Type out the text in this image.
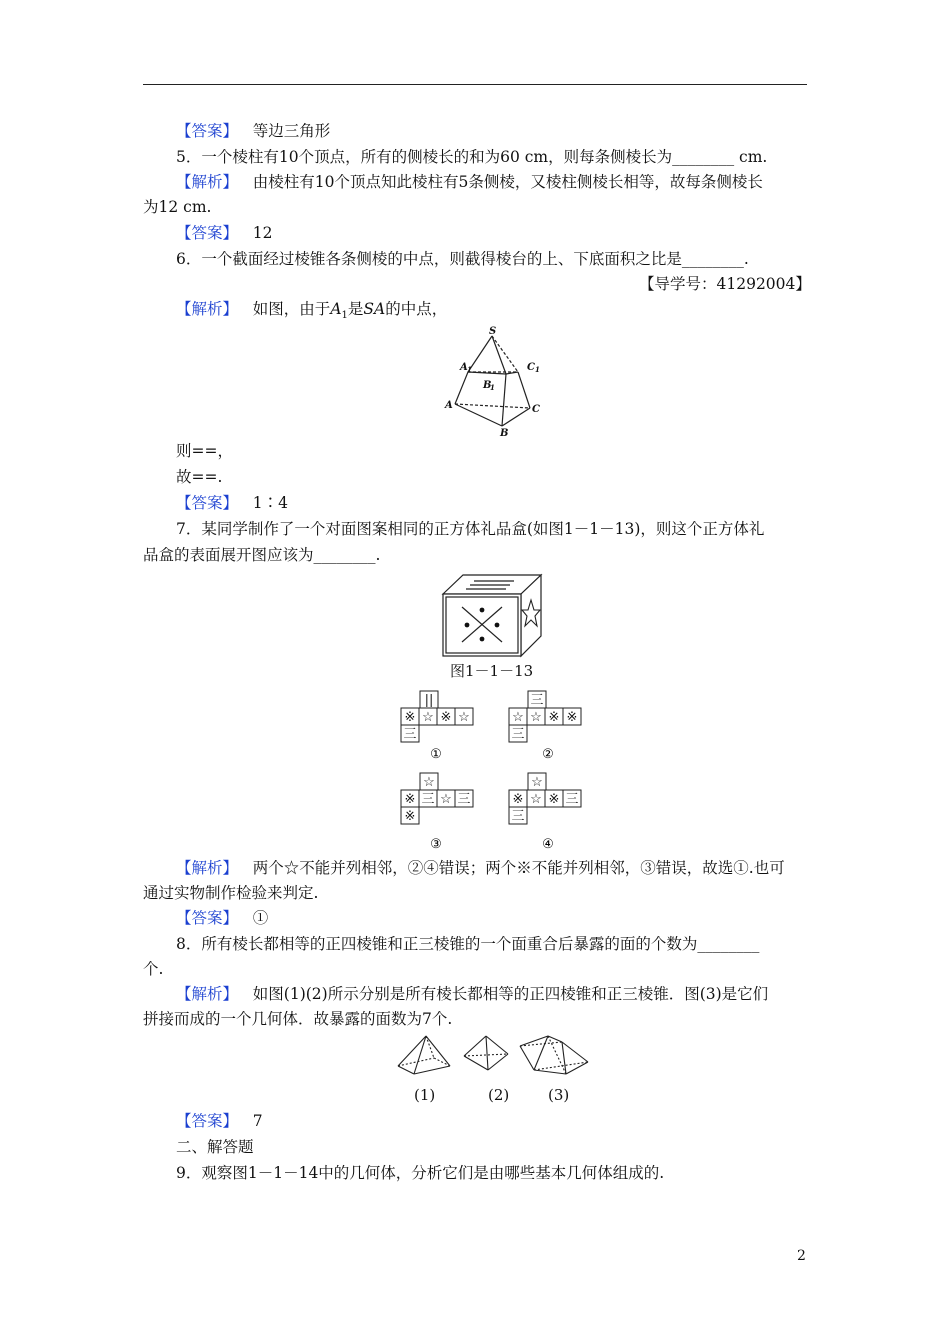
【答案】 等边三角形
5．一个棱柱有10个顶点，所有的侧棱长的和为60 cm，则每条侧棱长为________ cm.
【解析】 由棱柱有10个顶点知此棱柱有5条侧棱，又棱柱侧棱长相等，故每条侧棱长
为12 cm.
【答案】 12
6．一个截面经过棱锥各条侧棱的中点，则截得棱台的上、下底面积之比是________.
【导学号：41292004】
【解析】 如图，由于$A_1$是SA的中点，
S
A 1
B
1
C 1
A
B
C
则==，
故==.
【答案】 1∶4
7．某同学制作了一个对面图案相同的正方体礼品盒(如图1－1－13)，则这个正方体礼
品盒的表面展开图应该为________.
图1－1－13
||
※ ☆ ※ ☆
三
①
三
☆ ☆ ※ ※
三
②
☆
※ 三 ☆ 三
※
③
☆
※ ☆ ※ 三
三
④
【解析】 两个☆不能并列相邻，②④错误；两个※不能并列相邻，③错误，故选①.也可
通过实物制作检验来判定.
【答案】 ①
8．所有棱长都相等的正四棱锥和正三棱锥的一个面重合后暴露的面的个数为________
个.
【解析】 如图(1)(2)所示分别是所有棱长都相等的正四棱锥和正三棱锥．图(3)是它们
拼接而成的一个几何体．故暴露的面数为7个.
(1)	(2)	(3)
【答案】 7
二、解答题
9．观察图1－1－14中的几何体，分析它们是由哪些基本几何体组成的.
2
